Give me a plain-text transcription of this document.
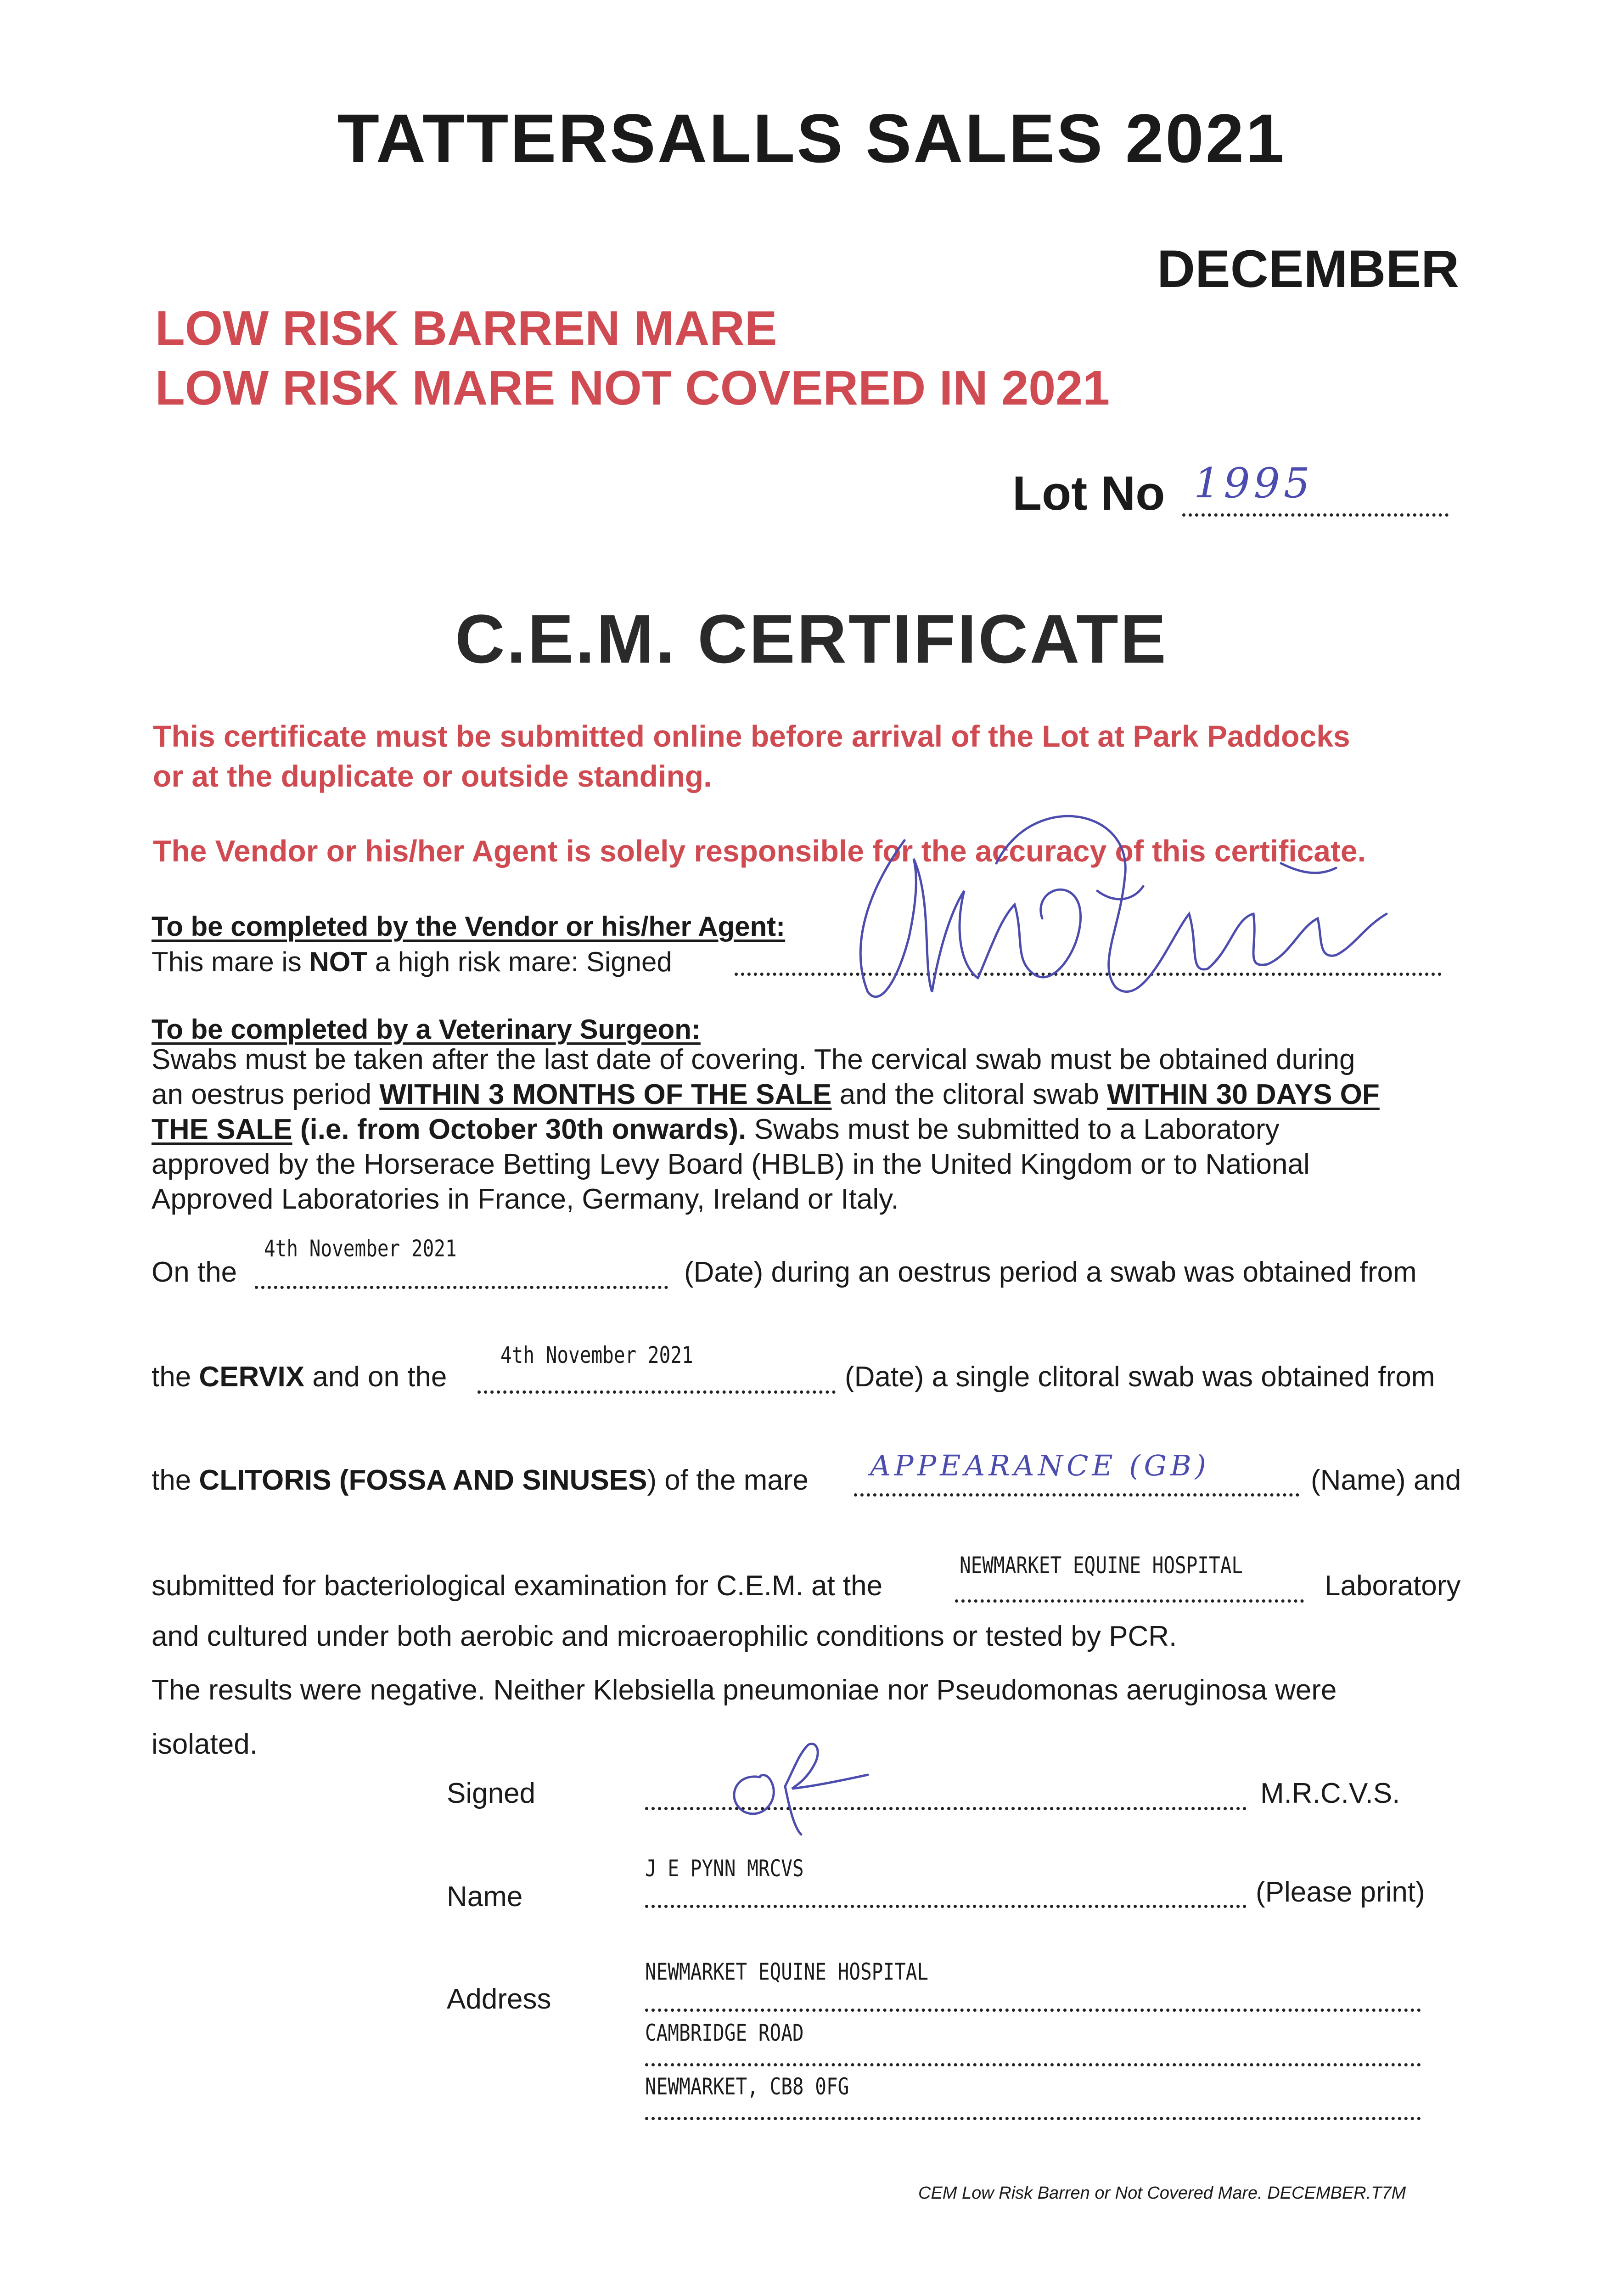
TATTERSALLS SALES 2021
DECEMBER
LOW RISK BARREN MARE
LOW RISK MARE NOT COVERED IN 2021
Lot No 1995
C.E.M. CERTIFICATE
This certificate must be submitted online before arrival of the Lot at Park Paddocks
or at the duplicate or outside standing.
The Vendor or his/her Agent is solely responsible for the accuracy of this certificate.
To be completed by the Vendor or his/her Agent:
This mare is NOT a high risk mare: Signed
To be completed by a Veterinary Surgeon:
Swabs must be taken after the last date of covering. The cervical swab must be obtained during
an oestrus period WITHIN 3 MONTHS OF THE SALE and the clitoral swab WITHIN 30 DAYS OF
THE SALE (i.e. from October 30th onwards). Swabs must be submitted to a Laboratory
approved by the Horserace Betting Levy Board (HBLB) in the United Kingdom or to National
Approved Laboratories in France, Germany, Ireland or Italy.
On the
4th November 2021
(Date) during an oestrus period a swab was obtained from
the CERVIX and on the
4th November 2021
(Date) a single clitoral swab was obtained from
the CLITORIS (FOSSA AND SINUSES) of the mare APPEARANCE (GB)	(Name) and
submitted for bacteriological examination for C.E.M. at the
NEWMARKET EQUINE HOSPITAL
Laboratory
and cultured under both aerobic and microaerophilic conditions or tested by PCR.
The results were negative. Neither Klebsiella pneumoniae nor Pseudomonas aeruginosa were
isolated.
Signed	M.R.C.V.S.
Name
J E PYNN MRCVS
(Please print)
Address
NEWMARKET EQUINE HOSPITAL
CAMBRIDGE ROAD
NEWMARKET, CB8 0FG
CEM Low Risk Barren or Not Covered Mare. DECEMBER.T7M
